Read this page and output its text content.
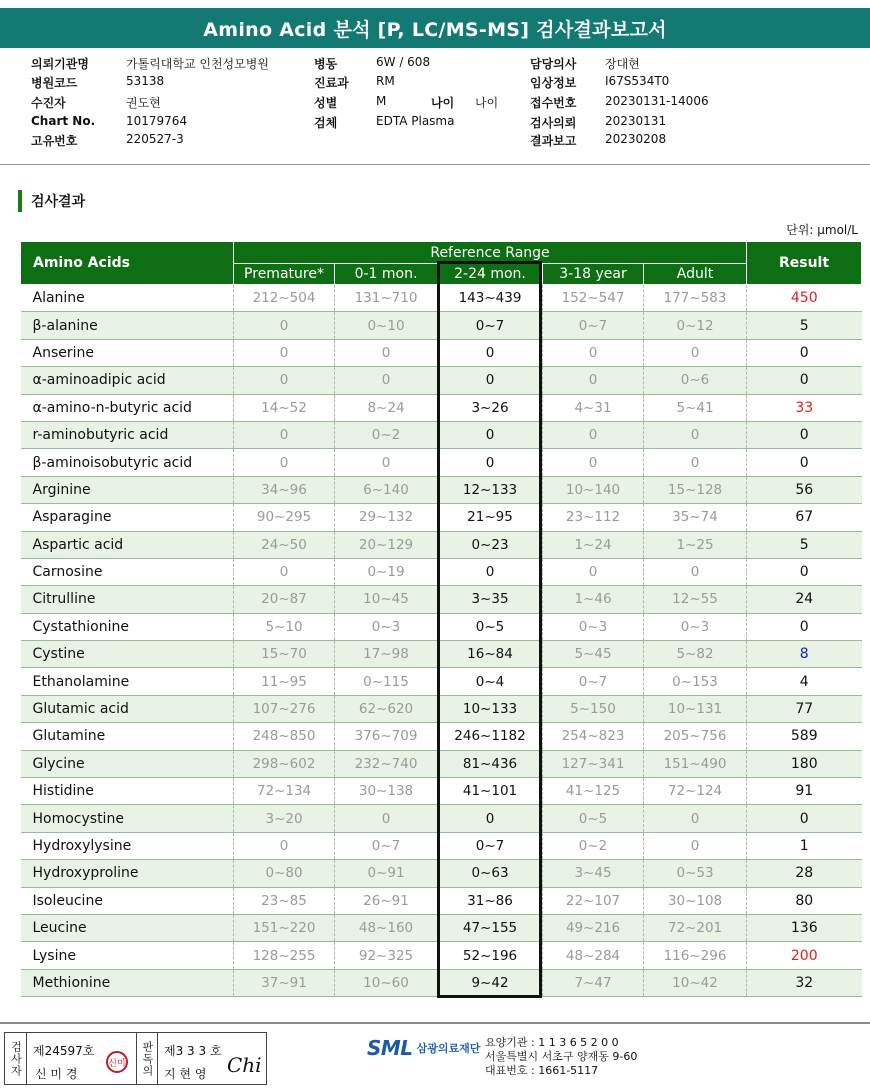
Amino Acid 분석 [P, LC/MS-MS] 검사결과보고서
의뢰기관명	가톨릭대학교 인천성모병원
병원코드	53138
수진자	권도현
Chart No.	10179764
고유번호	220527-3
병동	6W / 608
진료과 RM
성별	M
검체	EDTA Plasma
나이 나이
담당의사 장대현
임상정보 I67S534T0
접수번호 20230131-14006
검사의뢰 20230131
결과보고 20230208
검사결과
단위: μmol/L
Amino Acids	Reference Range					Result
	Premature*	0-1 mon.	2-24 mon.	3-18 year	Adult	
Alanine	212~504	131~710	143~439	152~547	177~583	450
β-alanine	0	0~10	0~7	0~7	0~12	5
Anserine	0	0	0	0	0	0
α-aminoadipic acid	0	0	0	0	0~6	0
α-amino-n-butyric acid	14~52	8~24	3~26	4~31	5~41	33
r-aminobutyric acid	0	0~2	0	0	0	0
β-aminoisobutyric acid	0	0	0	0	0	0
Arginine	34~96	6~140	12~133	10~140	15~128	56
Asparagine	90~295	29~132	21~95	23~112	35~74	67
Aspartic acid	24~50	20~129	0~23	1~24	1~25	5
Carnosine	0	0~19	0	0	0	0
Citrulline	20~87	10~45	3~35	1~46	12~55	24
Cystathionine	5~10	0~3	0~5	0~3	0~3	0
Cystine	15~70	17~98	16~84	5~45	5~82	8
Ethanolamine	11~95	0~115	0~4	0~7	0~153	4
Glutamic acid	107~276	62~620	10~133	5~150	10~131	77
Glutamine	248~850	376~709	246~1182	254~823	205~756	589
Glycine	298~602	232~740	81~436	127~341	151~490	180
Histidine	72~134	30~138	41~101	41~125	72~124	91
Homocystine	3~20	0	0	0~5	0	0
Hydroxylysine	0	0~7	0~7	0~2	0	1
Hydroxyproline	0~80	0~91	0~63	3~45	0~53	28
Isoleucine	23~85	26~91	31~86	22~107	30~108	80
Leucine	151~220	48~160	47~155	49~216	72~201	136
Lysine	128~255	92~325	52~196	48~284	116~296	200
Methionine	37~91	10~60	9~42	7~47	10~42	32
검사자 제24597호
신 미 경
신미	판독의 제3 3 3 호
지 현 영 Chi
SML 삼광의료재단 요양기관 : 1 1 3 6 5 2 0 0
서울특별시 서초구 양재동 9-60
대표번호 : 1661-5117
